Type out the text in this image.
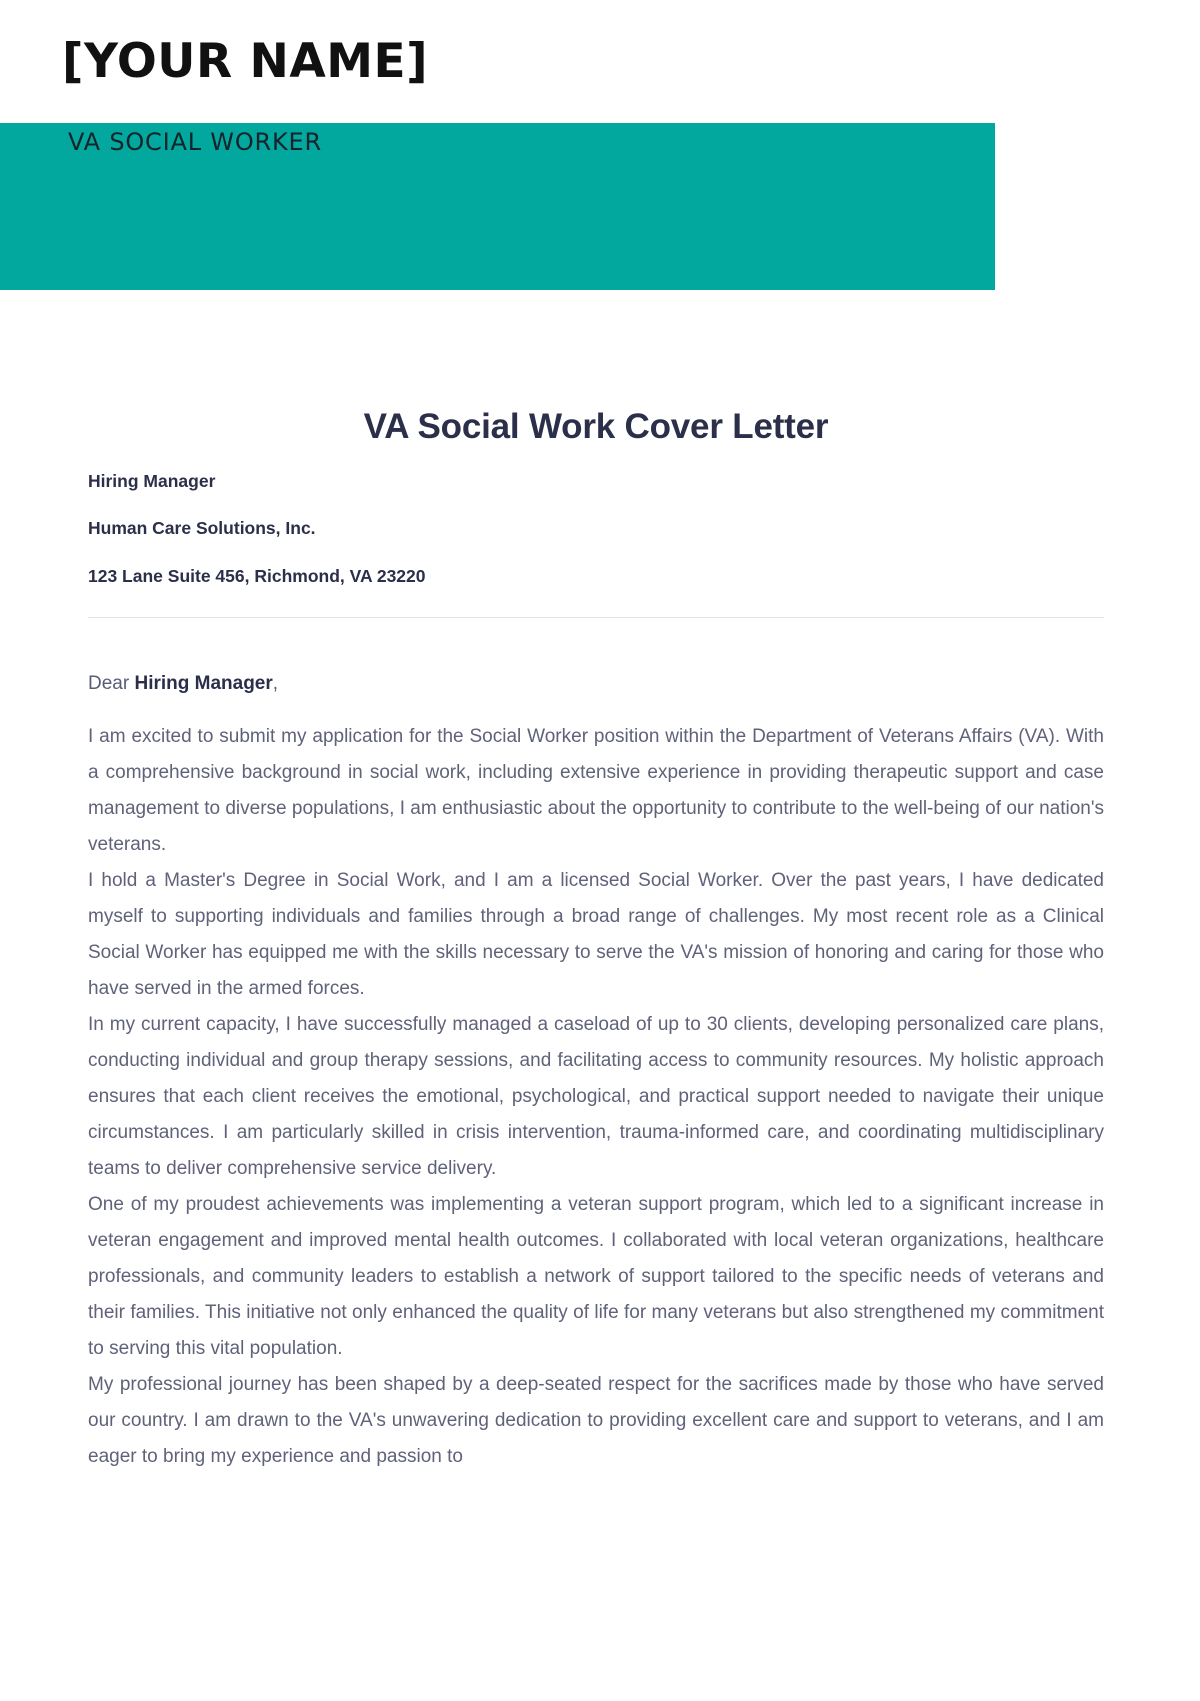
[YOUR NAME]
VA SOCIAL WORKER
VA Social Work Cover Letter
Hiring Manager
Human Care Solutions, Inc.
123 Lane Suite 456, Richmond, VA 23220
Dear Hiring Manager,

I am excited to submit my application for the Social Worker position within the Department of Veterans Affairs (VA). With a comprehensive background in social work, including extensive experience in providing therapeutic support and case management to diverse populations, I am enthusiastic about the opportunity to contribute to the well-being of our nation's veterans.

I hold a Master's Degree in Social Work, and I am a licensed Social Worker. Over the past years, I have dedicated myself to supporting individuals and families through a broad range of challenges. My most recent role as a Clinical Social Worker has equipped me with the skills necessary to serve the VA's mission of honoring and caring for those who have served in the armed forces.

In my current capacity, I have successfully managed a caseload of up to 30 clients, developing personalized care plans, conducting individual and group therapy sessions, and facilitating access to community resources. My holistic approach ensures that each client receives the emotional, psychological, and practical support needed to navigate their unique circumstances. I am particularly skilled in crisis intervention, trauma-informed care, and coordinating multidisciplinary teams to deliver comprehensive service delivery.

One of my proudest achievements was implementing a veteran support program, which led to a significant increase in veteran engagement and improved mental health outcomes. I collaborated with local veteran organizations, healthcare professionals, and community leaders to establish a network of support tailored to the specific needs of veterans and their families. This initiative not only enhanced the quality of life for many veterans but also strengthened my commitment to serving this vital population.

My professional journey has been shaped by a deep-seated respect for the sacrifices made by those who have served our country. I am drawn to the VA's unwavering dedication to providing excellent care and support to veterans, and I am eager to bring my experience and passion to
